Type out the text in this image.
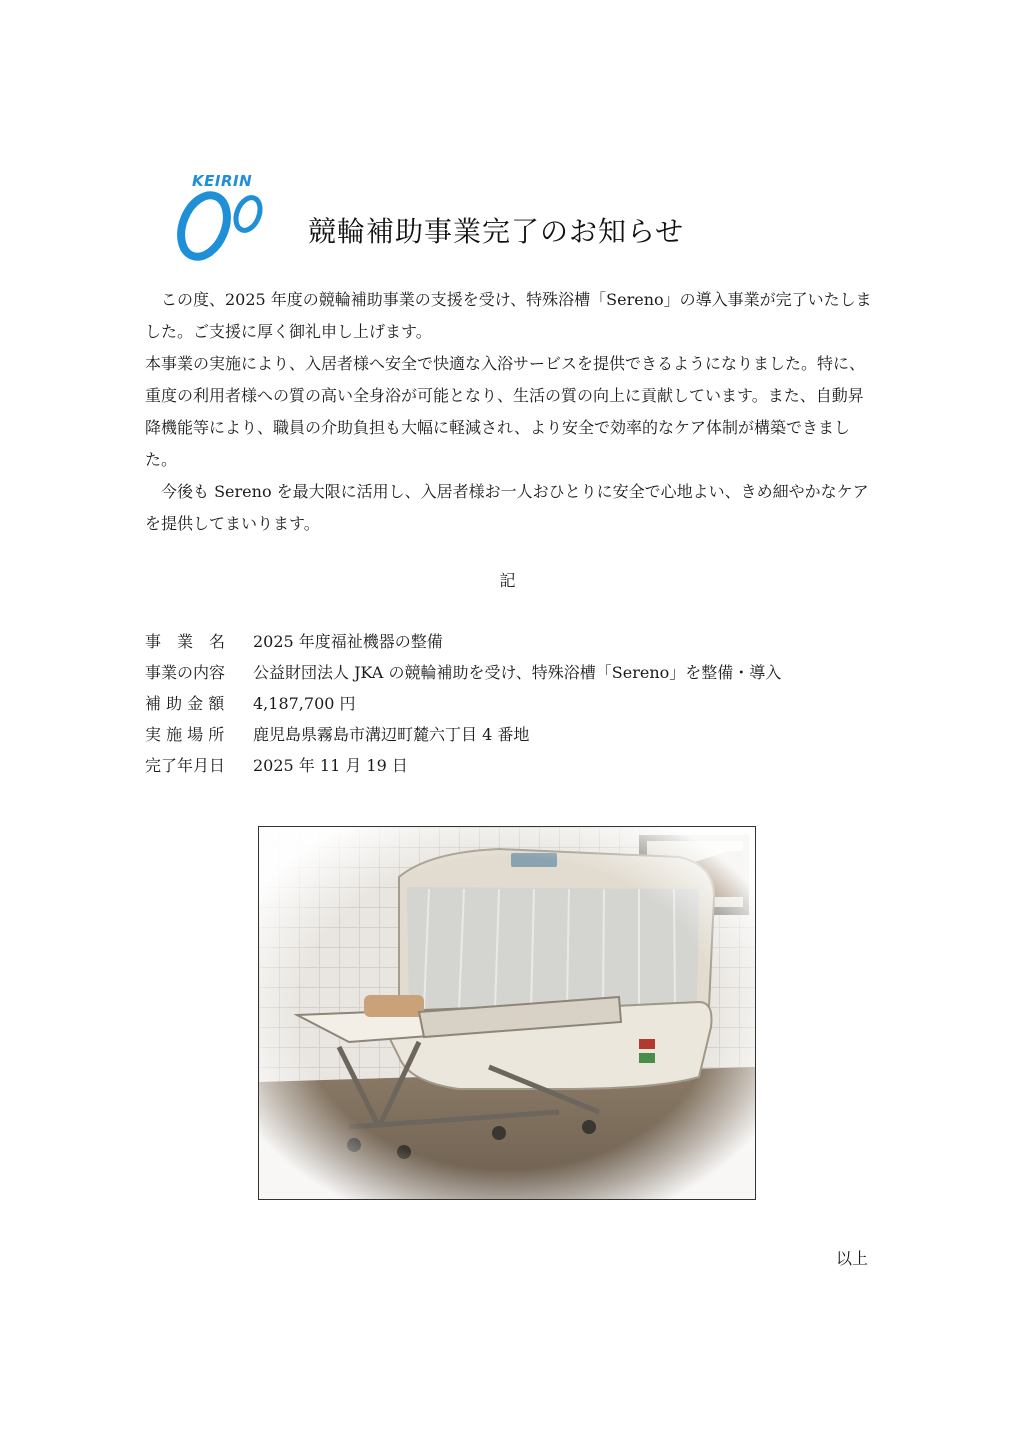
KEIRIN
競輪補助事業完了のお知らせ

この度、2025 年度の競輪補助事業の支援を受け、特殊浴槽「Sereno」の導入事業が完了いたしました。ご支援に厚く御礼申し上げます。

本事業の実施により、入居者様へ安全で快適な入浴サービスを提供できるようになりました。特に、重度の利用者様への質の高い全身浴が可能となり、生活の質の向上に貢献しています。また、自動昇降機能等により、職員の介助負担も大幅に軽減され、より安全で効率的なケア体制が構築できました。

今後も Sereno を最大限に活用し、入居者様お一人おひとりに安全で心地よい、きめ細やかなケアを提供してまいります。

記
事　業　名	2025 年度福祉機器の整備
事業の内容	公益財団法人 JKA の競輪補助を受け、特殊浴槽「Sereno」を整備・導入
補 助 金 額	4,187,700 円
実 施 場 所	鹿児島県霧島市溝辺町麓六丁目 4 番地
完了年月日	2025 年 11 月 19 日
以上
